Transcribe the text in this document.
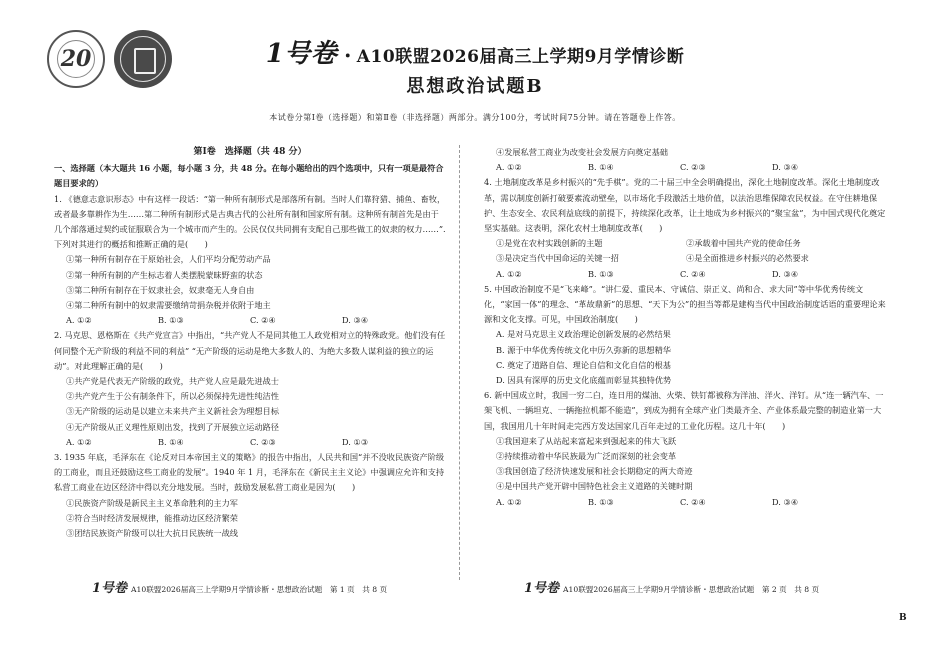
20	1号卷 ・A10联盟2026届高三上学期9月学情诊断
思想政治试题B
本试卷分第Ⅰ卷（选择题）和第Ⅱ卷（非选择题）两部分。满分100分，考试时间75分钟。请在答题卷上作答。

第Ⅰ卷　选择题（共 48 分）

一、选择题（本大题共 16 小题，每小题 3 分，共 48 分。在每小题给出的四个选项中，只有一项是最符合题目要求的）

1. 《德意志意识形态》中有这样一段话：“第一种所有制形式是部落所有制。当时人们靠狩猎、捕鱼、畜牧，或者最多靠耕作为生……第二种所有制形式是古典古代的公社所有制和国家所有制。这种所有制首先是由于几个部落通过契约或征服联合为一个城市而产生的。公民仅仅共同拥有支配自己那些做工的奴隶的权力……”.下列对其进行的概括和推断正确的是(　　)

①第一种所有制存在于原始社会，人们平均分配劳动产品

②第一种所有制的产生标志着人类摆脱蒙昧野蛮的状态

③第二种所有制存在于奴隶社会，奴隶毫无人身自由

④第二种所有制中的奴隶需要缴纳苛捐杂税并依附于地主

A. ①②	B. ①③	C. ②④	D. ③④

2. 马克思、恩格斯在《共产党宣言》中指出，“共产党人不是同其他工人政党相对立的特殊政党。他们没有任何同整个无产阶级的利益不同的利益” “无产阶级的运动是绝大多数人的、为绝大多数人谋利益的独立的运动”。对此理解正确的是(　　)

①共产党是代表无产阶级的政党，共产党人应是最先进战士

②共产党产生于公有制条件下，所以必须保持先进性纯洁性

③无产阶级的运动是以建立未来共产主义新社会为理想目标

④无产阶级从正义理性原则出发，找到了开展独立运动路径

A. ①②	B. ①④	C. ②③	D. ①③

3. 1935 年底，毛泽东在《论反对日本帝国主义的策略》的报告中指出，人民共和国“并不没收民族资产阶级的工商业，而且还鼓励这些工商业的发展”。1940 年 1 月，毛泽东在《新民主主义论》中强调应允许和支持私营工商业在边区经济中得以充分地发展。当时，鼓励发展私营工商业是因为(　　)

①民族资产阶级是新民主主义革命胜利的主力军

②符合当时经济发展规律，能推动边区经济繁荣

③团结民族资产阶级可以壮大抗日民族统一战线

④发展私营工商业为改变社会发展方向奠定基础

A. ①②	B. ①④	C. ②③	D. ③④

4. 土地制度改革是乡村振兴的“先手棋”。党的二十届三中全会明确提出，深化土地制度改革。深化土地制度改革，需以制度创新打破要素流动壁垒，以市场化手段激活土地价值，以法治思维保障农民权益。在守住耕地保护、生态安全、农民利益底线的前提下，持续深化改革，让土地成为乡村振兴的“聚宝盆”，为中国式现代化奠定坚实基础。这表明，深化农村土地制度改革(　　)

①是党在农村实践创新的主题	②承载着中国共产党的使命任务

③是决定当代中国命运的关键一招	④是全面推进乡村振兴的必然要求

A. ①②	B. ①③	C. ②④	D. ③④

5. 中国政治制度不是“飞来峰”。“讲仁爱、重民本、守诚信、崇正义、尚和合、求大同”等中华优秀传统文化，“家国一体”的理念、“革故鼎新”的思想、“天下为公”的担当等都是建构当代中国政治制度话语的重要理论来源和文化支撑。可见，中国政治制度(　　)

A. 是对马克思主义政治理论创新发展的必然结果

B. 源于中华优秀传统文化中历久弥新的思想精华

C. 奠定了道路自信、理论自信和文化自信的根基

D. 因具有深厚的历史文化底蕴而彰显其独特优势

6. 新中国成立时，我国一穷二白，连日用的煤油、火柴、铁钉都被称为洋油、洋火、洋钉。从“连一辆汽车、一架飞机、一辆坦克、一辆拖拉机都不能造”，到成为拥有全球产业门类最齐全、产业体系最完整的制造业第一大国，我国用几十年时间走完西方发达国家几百年走过的工业化历程。这几十年(　　)

①我国迎来了从站起来富起来到强起来的伟大飞跃

②持续推动着中华民族最为广泛而深刻的社会变革

③我国创造了经济快速发展和社会长期稳定的两大奇迹

④是中国共产党开辟中国特色社会主义道路的关键时期

A. ①②	B. ①③	C. ②④	D. ③④

1号卷 A10联盟2026届高三上学期9月学情诊断・思想政治试题　第 1 页　共 8 页	1号卷 A10联盟2026届高三上学期9月学情诊断・思想政治试题　第 2 页　共 8 页
B
